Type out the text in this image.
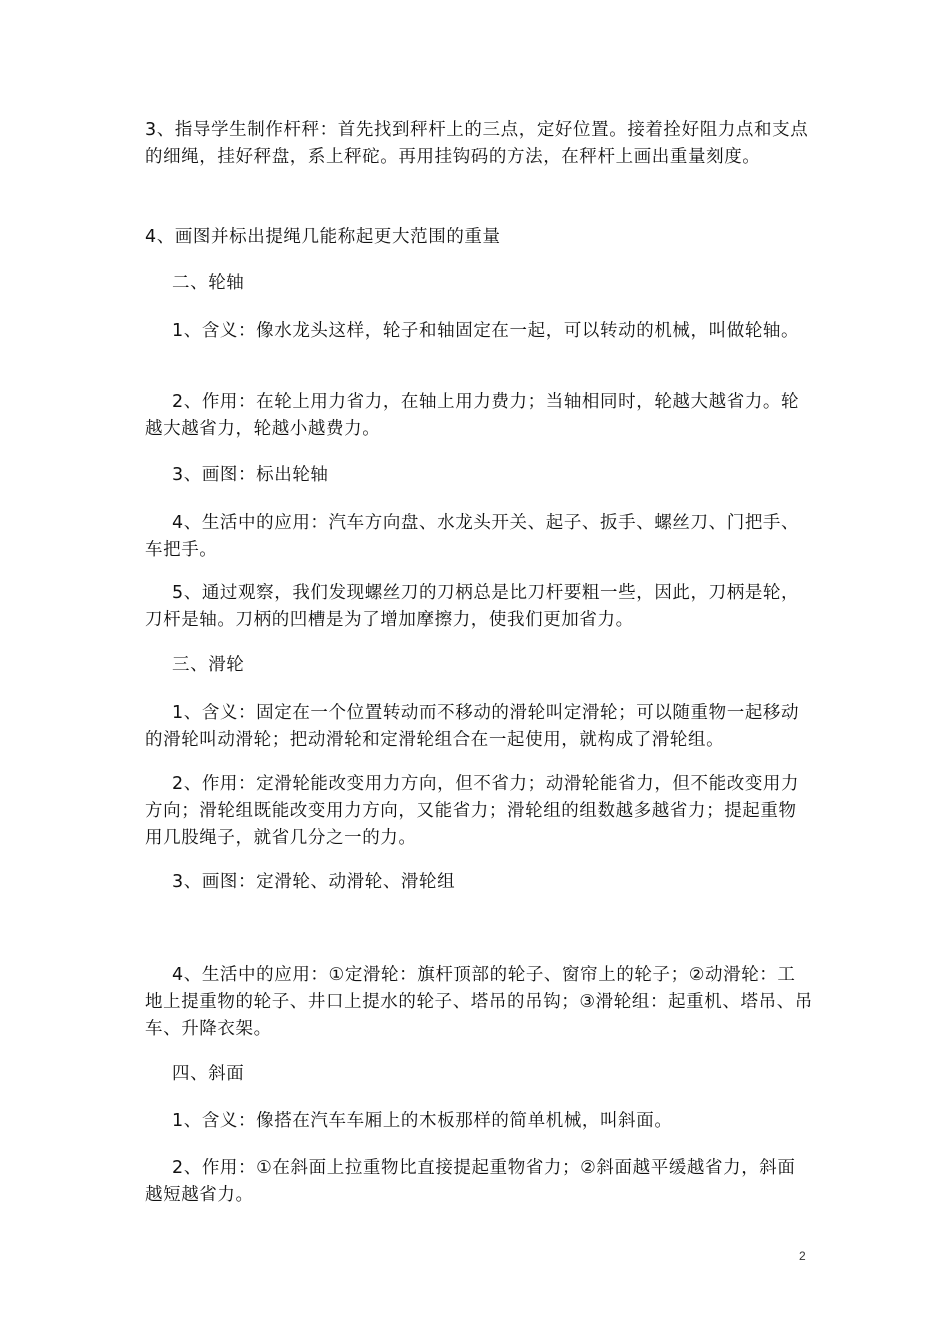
3、指导学生制作杆秤：首先找到秤杆上的三点，定好位置。接着拴好阻力点和支点的细绳，挂好秤盘，系上秤砣。再用挂钩码的方法，在秤杆上画出重量刻度。

4、画图并标出提绳几能称起更大范围的重量

二、轮轴

1、含义：像水龙头这样，轮子和轴固定在一起，可以转动的机械，叫做轮轴。

2、作用：在轮上用力省力，在轴上用力费力；当轴相同时，轮越大越省力。轮越大越省力，轮越小越费力。

3、画图：标出轮轴

4、生活中的应用：汽车方向盘、水龙头开关、起子、扳手、螺丝刀、门把手、车把手。

5、通过观察，我们发现螺丝刀的刀柄总是比刀杆要粗一些，因此，刀柄是轮，刀杆是轴。刀柄的凹槽是为了增加摩擦力，使我们更加省力。

三、滑轮

1、含义：固定在一个位置转动而不移动的滑轮叫定滑轮；可以随重物一起移动的滑轮叫动滑轮；把动滑轮和定滑轮组合在一起使用，就构成了滑轮组。

2、作用：定滑轮能改变用力方向，但不省力；动滑轮能省力，但不能改变用力方向；滑轮组既能改变用力方向，又能省力；滑轮组的组数越多越省力；提起重物用几股绳子，就省几分之一的力。

3、画图：定滑轮、动滑轮、滑轮组

4、生活中的应用：①定滑轮：旗杆顶部的轮子、窗帘上的轮子；②动滑轮：工地上提重物的轮子、井口上提水的轮子、塔吊的吊钩；③滑轮组：起重机、塔吊、吊车、升降衣架。

四、斜面

1、含义：像搭在汽车车厢上的木板那样的简单机械，叫斜面。

2、作用：①在斜面上拉重物比直接提起重物省力；②斜面越平缓越省力，斜面越短越省力。

2
